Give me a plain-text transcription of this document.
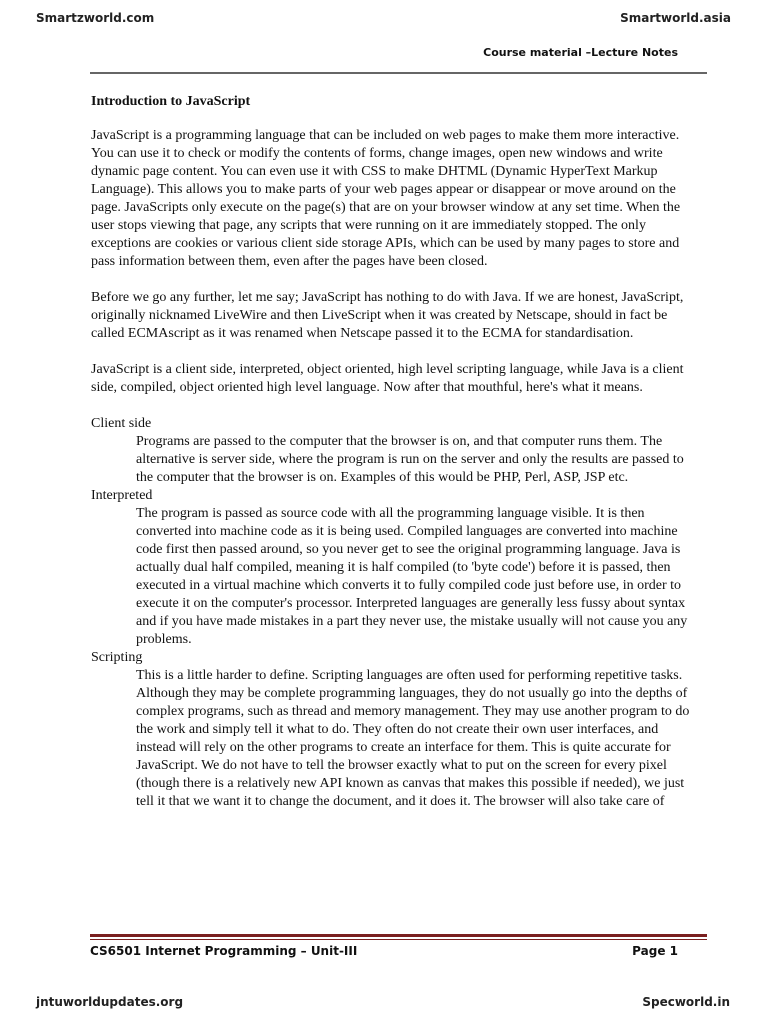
Smartzworld.com	Smartworld.asia
Course material –Lecture Notes

Introduction to JavaScript

JavaScript is a programming language that can be included on web pages to make them more interactive. You can use it to check or modify the contents of forms, change images, open new windows and write dynamic page content. You can even use it with CSS to make DHTML (Dynamic HyperText Markup Language). This allows you to make parts of your web pages appear or disappear or move around on the page. JavaScripts only execute on the page(s) that are on your browser window at any set time. When the user stops viewing that page, any scripts that were running on it are immediately stopped. The only exceptions are cookies or various client side storage APIs, which can be used by many pages to store and pass information between them, even after the pages have been closed.

Before we go any further, let me say; JavaScript has nothing to do with Java. If we are honest, JavaScript, originally nicknamed LiveWire and then LiveScript when it was created by Netscape, should in fact be called ECMAscript as it was renamed when Netscape passed it to the ECMA for standardisation.

JavaScript is a client side, interpreted, object oriented, high level scripting language, while Java is a client side, compiled, object oriented high level language. Now after that mouthful, here's what it means.

Client side

Programs are passed to the computer that the browser is on, and that computer runs them. The alternative is server side, where the program is run on the server and only the results are passed to the computer that the browser is on. Examples of this would be PHP, Perl, ASP, JSP etc.

Interpreted

The program is passed as source code with all the programming language visible. It is then converted into machine code as it is being used. Compiled languages are converted into machine code first then passed around, so you never get to see the original programming language. Java is actually dual half compiled, meaning it is half compiled (to 'byte code') before it is passed, then executed in a virtual machine which converts it to fully compiled code just before use, in order to execute it on the computer's processor. Interpreted languages are generally less fussy about syntax and if you have made mistakes in a part they never use, the mistake usually will not cause you any problems.

Scripting

This is a little harder to define. Scripting languages are often used for performing repetitive tasks. Although they may be complete programming languages, they do not usually go into the depths of complex programs, such as thread and memory management. They may use another program to do the work and simply tell it what to do. They often do not create their own user interfaces, and instead will rely on the other programs to create an interface for them. This is quite accurate for JavaScript. We do not have to tell the browser exactly what to put on the screen for every pixel (though there is a relatively new API known as canvas that makes this possible if needed), we just tell it that we want it to change the document, and it does it. The browser will also take care of

CS6501 Internet Programming – Unit-III	Page 1
jntuworldupdates.org	Specworld.in
